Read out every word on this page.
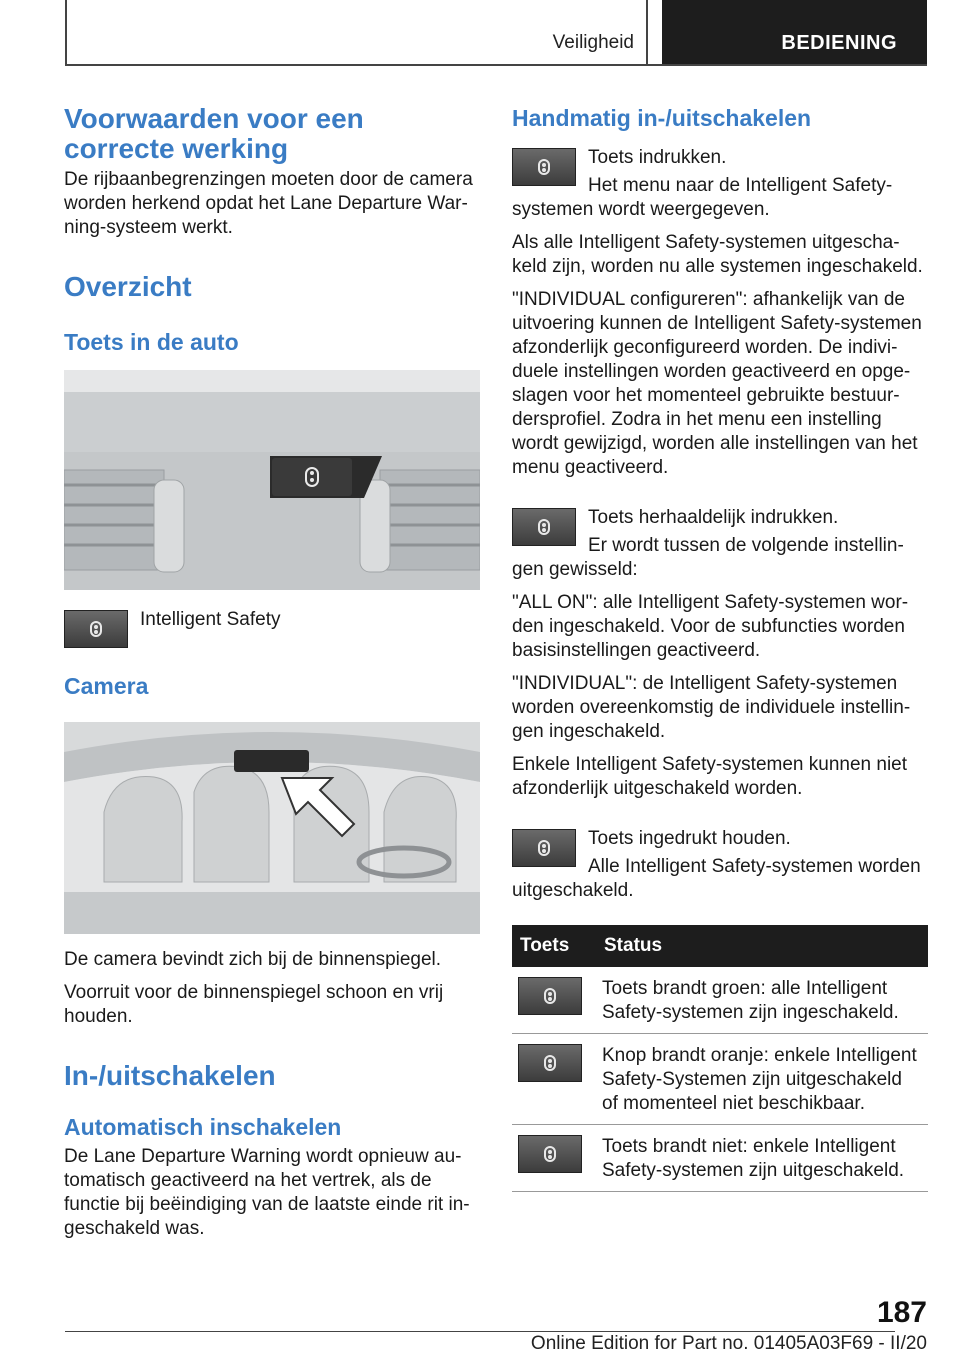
Veiligheid	BEDIENING
Voorwaarden voor een correcte werking

De rijbaanbegrenzingen moeten door de camera worden herkend opdat het Lane Departure Warning-systeem werkt.

Overzicht
Toets in de auto

Intelligent Safety

Camera

De camera bevindt zich bij de binnenspiegel.

Voorruit voor de binnenspiegel schoon en vrij houden.

In-/uitschakelen
Automatisch inschakelen

De Lane Departure Warning wordt opnieuw automatisch geactiveerd na het vertrek, als de functie bij beëindiging van de laatste einde rit ingeschakeld was.

Handmatig in-/uitschakelen

Toets indrukken.

Het menu naar de Intelligent Safety-systemen wordt weergegeven.

Als alle Intelligent Safety-systemen uitgeschakeld zijn, worden nu alle systemen ingeschakeld.

"INDIVIDUAL configureren": afhankelijk van de uitvoering kunnen de Intelligent Safety-systemen afzonderlijk geconfigureerd worden. De individuele instellingen worden geactiveerd en opgeslagen voor het momenteel gebruikte bestuurdersprofiel. Zodra in het menu een instelling wordt gewijzigd, worden alle instellingen van het menu geactiveerd.

Toets herhaaldelijk indrukken.

Er wordt tussen de volgende instellingen gewisseld:

"ALL ON": alle Intelligent Safety-systemen worden ingeschakeld. Voor de subfuncties worden basisinstellingen geactiveerd.

"INDIVIDUAL": de Intelligent Safety-systemen worden overeenkomstig de individuele instellingen ingeschakeld.

Enkele Intelligent Safety-systemen kunnen niet afzonderlijk uitgeschakeld worden.

Toets ingedrukt houden.

Alle Intelligent Safety-systemen worden uitgeschakeld.

Toets	Status

	Toets brandt groen: alle Intelligent Safety-systemen zijn ingeschakeld.

	Knop brandt oranje: enkele Intelligent Safety-Systemen zijn uitgeschakeld of momenteel niet beschikbaar.

	Toets brandt niet: enkele Intelligent Safety-systemen zijn uitgeschakeld.
187
Online Edition for Part no. 01405A03F69 - II/20
